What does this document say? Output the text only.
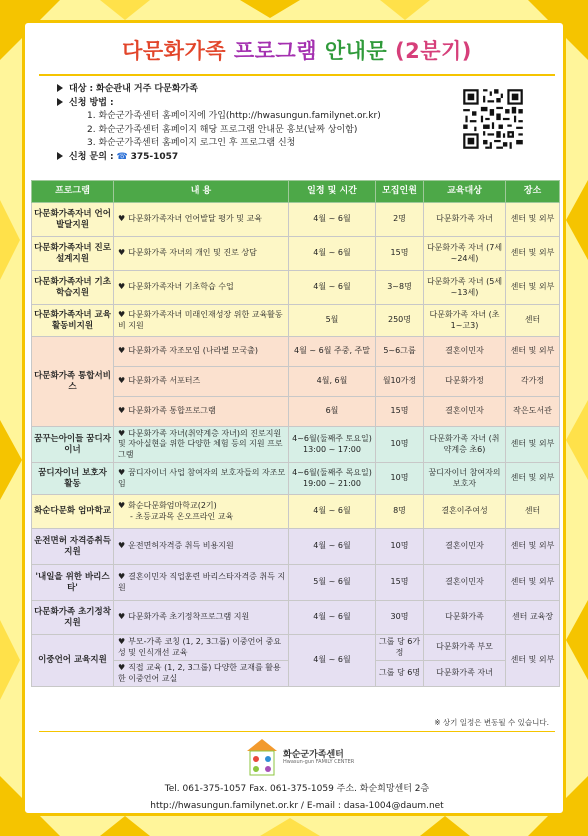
다문화가족 프로그램 안내문 (2분기)
대상 : 화순관내 거주 다문화가족
신청 방법 :
1. 화순군가족센터 홈페이지에 가입(http://hwasungun.familynet.or.kr)
2. 화순군가족센터 홈페이지 해당 프로그램 안내문 홍보(날짜 상이함)
3. 화순군가족센터 홈페이지 로그인 후 프로그램 신청
신청 문의 : ☎ 375-1057
프로그램	내 용	일정 및 시간	모집인원	교육대상	장소
다문화가족자녀 언어발달지원	♥ 다문화가족자녀 언어발달 평가 및 교육	4월 ~ 6월	2명	다문화가족 자녀	센터 및 외부
다문화가족자녀 진로설계지원	♥ 다문화가족 자녀의 개인 및 진로 상담	4월 ~ 6월	15명	다문화가족 자녀 (7세~24세)	센터 및 외부
다문화가족자녀 기초학습지원	♥ 다문화가족자녀 기초학습 수업	4월 ~ 6월	3~8명	다문화가족 자녀 (5세~13세)	센터 및 외부
다문화가족자녀 교육활동비지원	♥ 다문화가족자녀 미래인재성장 위한 교육활동비 지원	5월	250명	다문화가족 자녀 (초1~고3)	센터
다문화가족 통합서비스	♥ 다문화가족 자조모임 (나라별 모국출)	4월 ~ 6월 주중, 주말	5~6그룹	결혼이민자	센터 및 외부
	♥ 다문화가족 서포터즈	4월, 6월	월10가정	다문화가정	각가정
	♥ 다문화가족 통합프로그램	6월	15명	결혼이민자	작은도서관
꿈꾸는아이들 꿈디자이너	♥ 다문화가족 자녀(취약계층 자녀)의 진로지원 및 자아실현을 위한 다양한 체험 등의 지원 프로그램	4~6월(둘째주 토요일) 13:00 ~ 17:00	10명	다문화가족 자녀 (취약계층 초6)	센터 및 외부
꿈디자이너 보호자 활동	♥ 꿈디자이너 사업 참여자의 보호자들의 자조모임	4~6월(둘째주 목요일) 19:00 ~ 21:00	10명	꿈디자이너 참여자의 보호자	센터 및 외부
화순다문화 엄마학교	♥ 화순다문화엄마학교(2기)
- 초등교과목 온오프라인 교육	4월 ~ 6월	8명	결혼이주여성	센터
운전면허 자격증취득지원	♥ 운전면허자격증 취득 비용지원	4월 ~ 6월	10명	결혼이민자	센터 및 외부
'내일을 위한 바리스타'	♥ 결혼이민자 직업훈련 바리스타자격증 취득 지원	5월 ~ 6월	15명	결혼이민자	센터 및 외부
다문화가족 초기정착지원	♥ 다문화가족 초기정착프로그램 지원	4월 ~ 6월	30명	다문화가족	센터 교육장
이중언어 교육지원	♥ 부모-가족 코칭 (1, 2, 3그룹) 이중언어 중요성 및 인식개선 교육	4월 ~ 6월	그룹 당 6가정	다문화가족 부모	센터 및 외부
	♥ 직접 교육 (1, 2, 3그룹) 다양한 교재를 활용한 이중언어 교실		그룹 당 6명	다문화가족 자녀	
※ 상기 일정은 변동될 수 있습니다.
화순군가족센터
Hwasun-gun FAMILY CENTER
Tel. 061-375-1057 Fax. 061-375-1059 주소. 화순희망센터 2층
http://hwasungun.familynet.or.kr / E-mail : dasa-1004@daum.net
